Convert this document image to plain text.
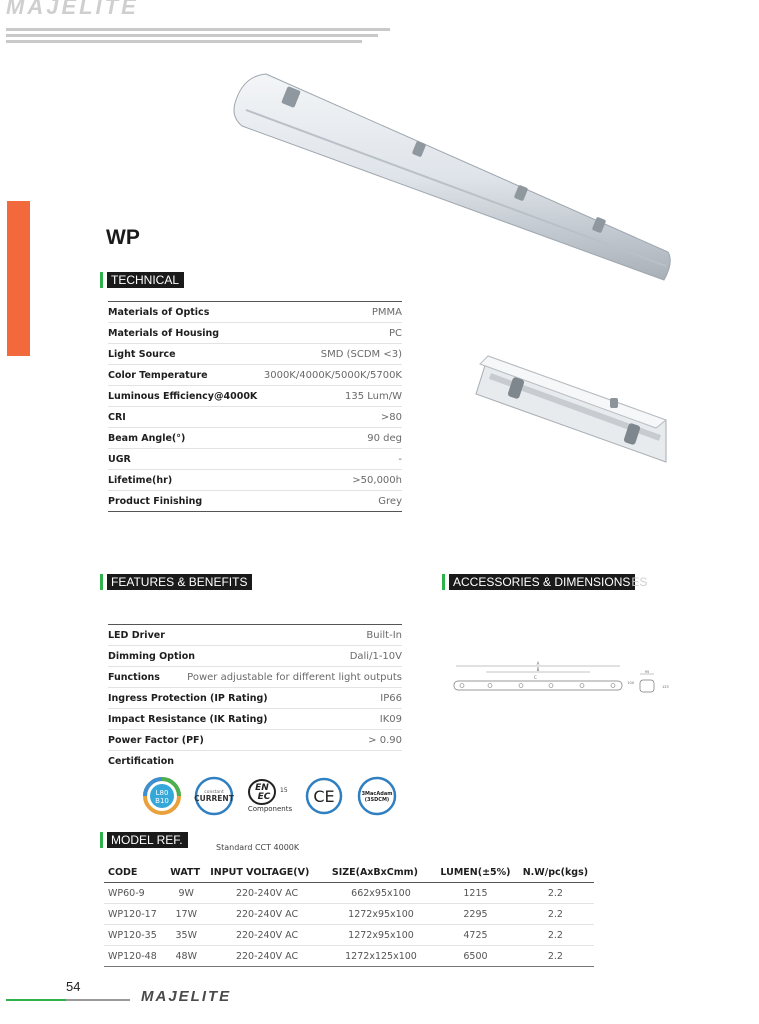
MAJELITE
WP
TECHNICAL
Materials of Optics	PMMA
Materials of Housing	PC
Light Source	SMD (SCDM <3)
Color Temperature	3000K/4000K/5000K/5700K
Luminous Efficiency@4000K	135 Lum/W
CRI	>80
Beam Angle(°)	90 deg
UGR	-
Lifetime(hr)	>50,000h
Product Finishing	Grey
FEATURES & BENEFITS
LED Driver	Built-In
Dimming Option	Dali/1-10V
Functions	Power adjustable for different light outputs
Ingress Protection (IP Rating)	IP66
Impact Resistance (IK Rating)	IK09
Power Factor (PF)	> 0.90
Certification
ACCESSORIES & DIMENSIONS ES
A
B
C
95
100
125
L80
B10
constant
CURRENT
EN
EC
15
Components
CE	3MacAdam
(3SDCM)
MODEL REF.
Standard CCT 4000K
CODE	WATT	INPUT VOLTAGE(V)	SIZE(AxBxCmm)	LUMEN(±5%)	N.W/pc(kgs)
WP60-9	9W	220-240V AC	662x95x100	1215	2.2
WP120-17	17W	220-240V AC	1272x95x100	2295	2.2
WP120-35	35W	220-240V AC	1272x95x100	4725	2.2
WP120-48	48W	220-240V AC	1272x125x100	6500	2.2
54
MAJELITE
